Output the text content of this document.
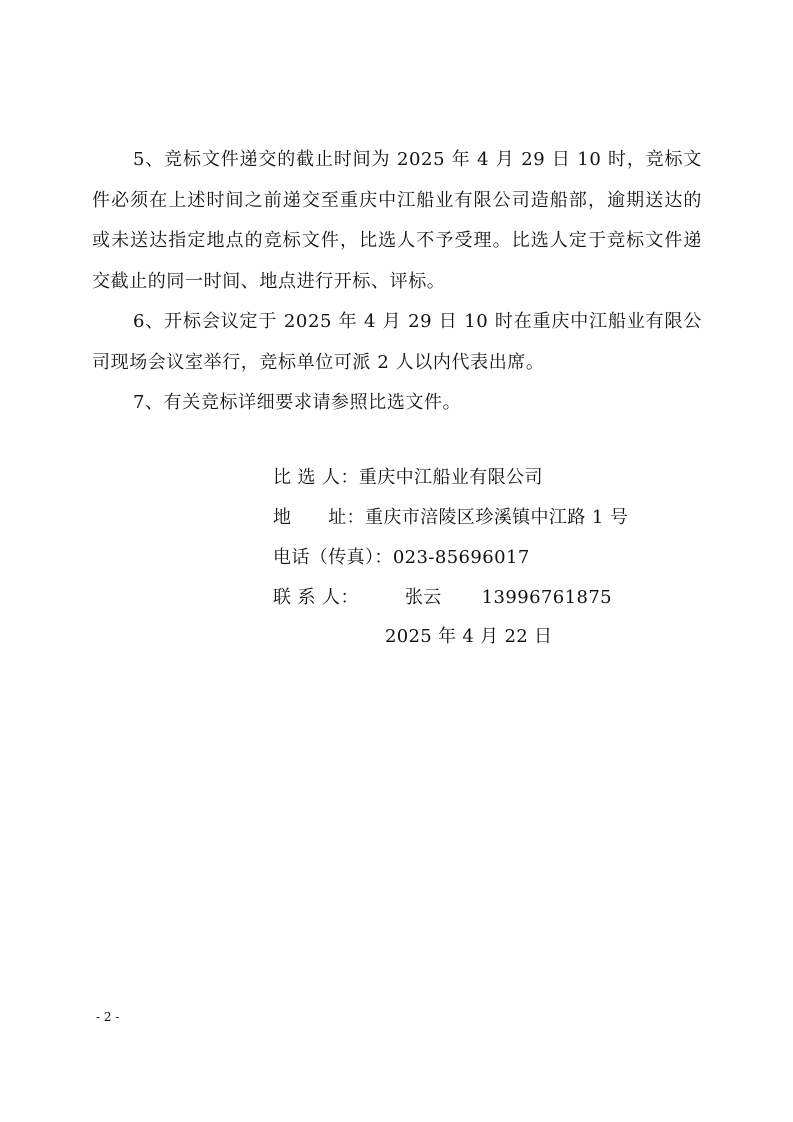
5、竞标文件递交的截止时间为 2025 年 4 月 29 日 10 时，竞标文件必须在上述时间之前递交至重庆中江船业有限公司造船部，逾期送达的或未送达指定地点的竞标文件，比选人不予受理。比选人定于竞标文件递交截止的同一时间、地点进行开标、评标。

6、开标会议定于 2025 年 4 月 29 日 10 时在重庆中江船业有限公司现场会议室举行，竞标单位可派 2 人以内代表出席。

7、有关竞标详细要求请参照比选文件。

比 选 人：重庆中江船业有限公司
地      址：重庆市涪陵区珍溪镇中江路 1 号
电话（传真）：023-85696017
联 系 人：	张云 13996761875
2025 年 4 月 22 日
- 2 -
